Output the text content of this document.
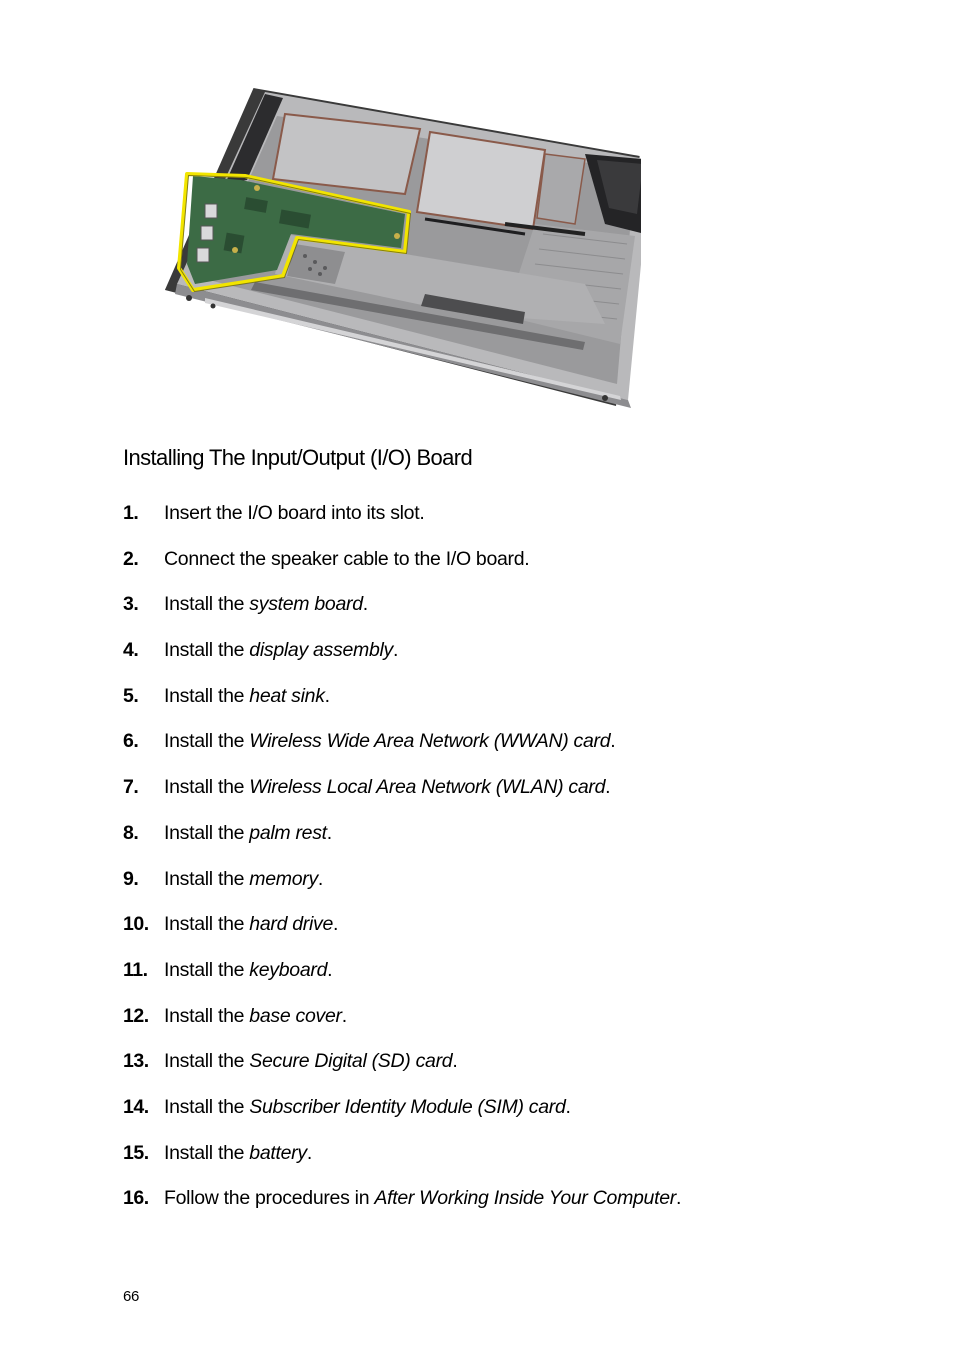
Installing The Input/Output (I/O) Board
1.	Insert the I/O board into its slot.
2.	Connect the speaker cable to the I/O board.
3.	Install the system board.
4.	Install the display assembly.
5.	Install the heat sink.
6.	Install the Wireless Wide Area Network (WWAN) card.
7.	Install the Wireless Local Area Network (WLAN) card.
8.	Install the palm rest.
9.	Install the memory.
10. Install the hard drive.
11. Install the keyboard.
12. Install the base cover.
13. Install the Secure Digital (SD) card.
14. Install the Subscriber Identity Module (SIM) card.
15. Install the battery.
16. Follow the procedures in After Working Inside Your Computer.
66
